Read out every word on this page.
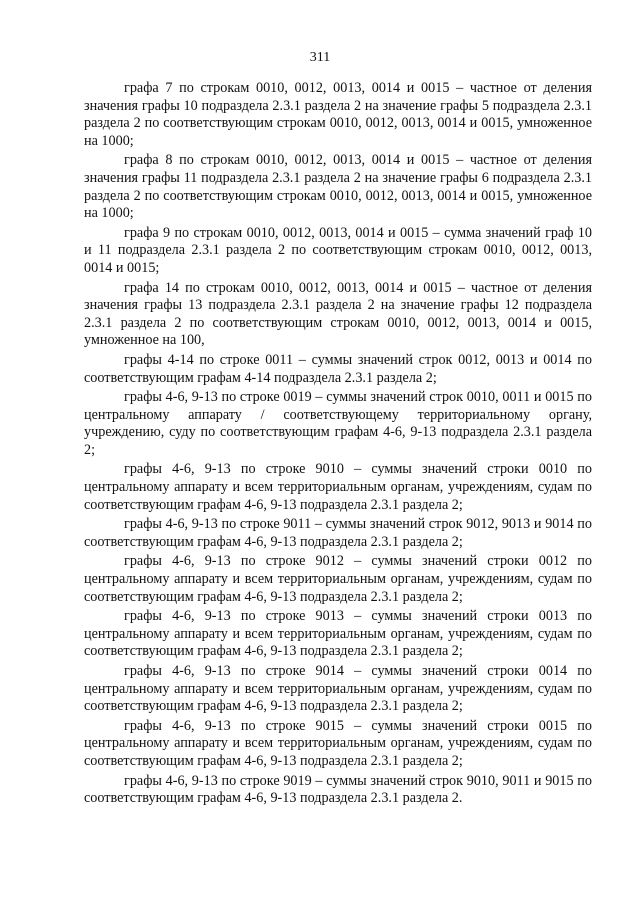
311

графа 7 по строкам 0010, 0012, 0013, 0014 и 0015 – частное от деления значения графы 10 подраздела 2.3.1 раздела 2 на значение графы 5 подраздела 2.3.1 раздела 2 по соответствующим строкам 0010, 0012, 0013, 0014 и 0015, умноженное на 1000;

графа 8 по строкам 0010, 0012, 0013, 0014 и 0015 – частное от деления значения графы 11 подраздела 2.3.1 раздела 2 на значение графы 6 подраздела 2.3.1 раздела 2 по соответствующим строкам 0010, 0012, 0013, 0014 и 0015, умноженное на 1000;

графа 9 по строкам 0010, 0012, 0013, 0014 и 0015 – сумма значений граф 10 и 11 подраздела 2.3.1 раздела 2 по соответствующим строкам 0010, 0012, 0013, 0014 и 0015;

графа 14 по строкам 0010, 0012, 0013, 0014 и 0015 – частное от деления значения графы 13 подраздела 2.3.1 раздела 2 на значение графы 12 подраздела 2.3.1 раздела 2 по соответствующим строкам 0010, 0012, 0013, 0014 и 0015, умноженное на 100,

графы 4-14 по строке 0011 – суммы значений строк 0012, 0013 и 0014 по соответствующим графам 4-14 подраздела 2.3.1 раздела 2;

графы 4-6, 9-13 по строке 0019 – суммы значений строк 0010, 0011 и 0015 по центральному аппарату / соответствующему территориальному органу, учреждению, суду по соответствующим графам 4-6, 9-13 подраздела 2.3.1 раздела 2;

графы 4-6, 9-13 по строке 9010 – суммы значений строки 0010 по центральному аппарату и всем территориальным органам, учреждениям, судам по соответствующим графам 4-6, 9-13 подраздела 2.3.1 раздела 2;

графы 4-6, 9-13 по строке 9011 – суммы значений строк 9012, 9013 и 9014 по соответствующим графам 4-6, 9-13 подраздела 2.3.1 раздела 2;

графы 4-6, 9-13 по строке 9012 – суммы значений строки 0012 по центральному аппарату и всем территориальным органам, учреждениям, судам по соответствующим графам 4-6, 9-13 подраздела 2.3.1 раздела 2;

графы 4-6, 9-13 по строке 9013 – суммы значений строки 0013 по центральному аппарату и всем территориальным органам, учреждениям, судам по соответствующим графам 4-6, 9-13 подраздела 2.3.1 раздела 2;

графы 4-6, 9-13 по строке 9014 – суммы значений строки 0014 по центральному аппарату и всем территориальным органам, учреждениям, судам по соответствующим графам 4-6, 9-13 подраздела 2.3.1 раздела 2;

графы 4-6, 9-13 по строке 9015 – суммы значений строки 0015 по центральному аппарату и всем территориальным органам, учреждениям, судам по соответствующим графам 4-6, 9-13 подраздела 2.3.1 раздела 2;

графы 4-6, 9-13 по строке 9019 – суммы значений строк 9010, 9011 и 9015 по соответствующим графам 4-6, 9-13 подраздела 2.3.1 раздела 2.
